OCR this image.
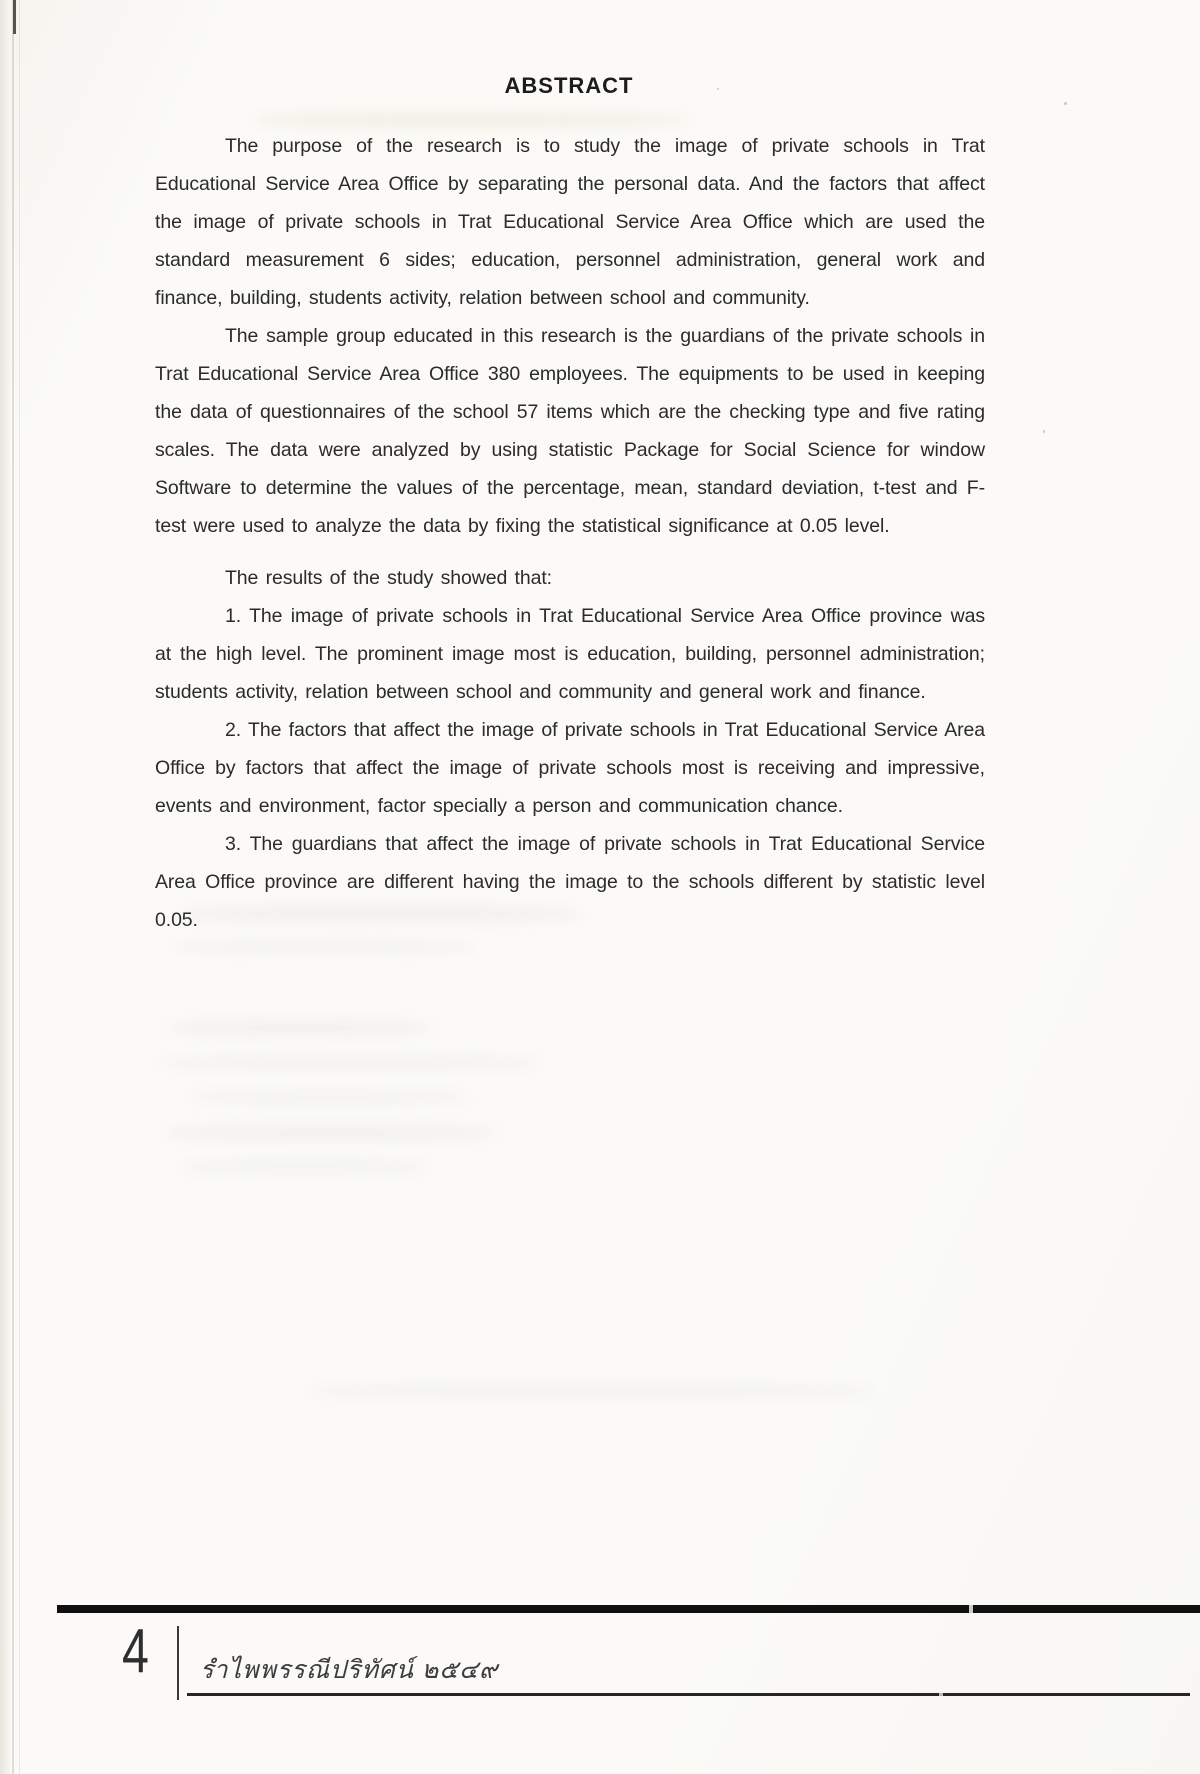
ABSTRACT

The purpose of the research is to study the image of private schools in Trat Educational Service Area Office by separating the personal data. And the factors that affect the image of private schools in Trat Educational Service Area Office which are used the standard measurement 6 sides; education, personnel administration, general work and finance, building, students activity, relation between school and community.

The sample group educated in this research is the guardians of the private schools in Trat Educational Service Area Office 380 employees. The equipments to be used in keeping the data of questionnaires of the school 57 items which are the checking type and five rating scales. The data were analyzed by using statistic Package for Social Science for window Software to determine the values of the percentage, mean, standard deviation, t-test and F-test were used to analyze the data by fixing the statistical significance at 0.05 level.

The results of the study showed that:

1. The image of private schools in Trat Educational Service Area Office province was at the high level. The prominent image most is education, building, personnel administration; students activity, relation between school and community and general work and finance.

2. The factors that affect the image of private schools in Trat Educational Service Area Office by factors that affect the image of private schools most is receiving and impressive, events and environment, factor specially a person and communication chance.

3. The guardians that affect the image of private schools in Trat Educational Service Area Office province are different having the image to the schools different by statistic level 0.05.

4 รำไพพรรณีปริทัศน์ ๒๕๔๙
